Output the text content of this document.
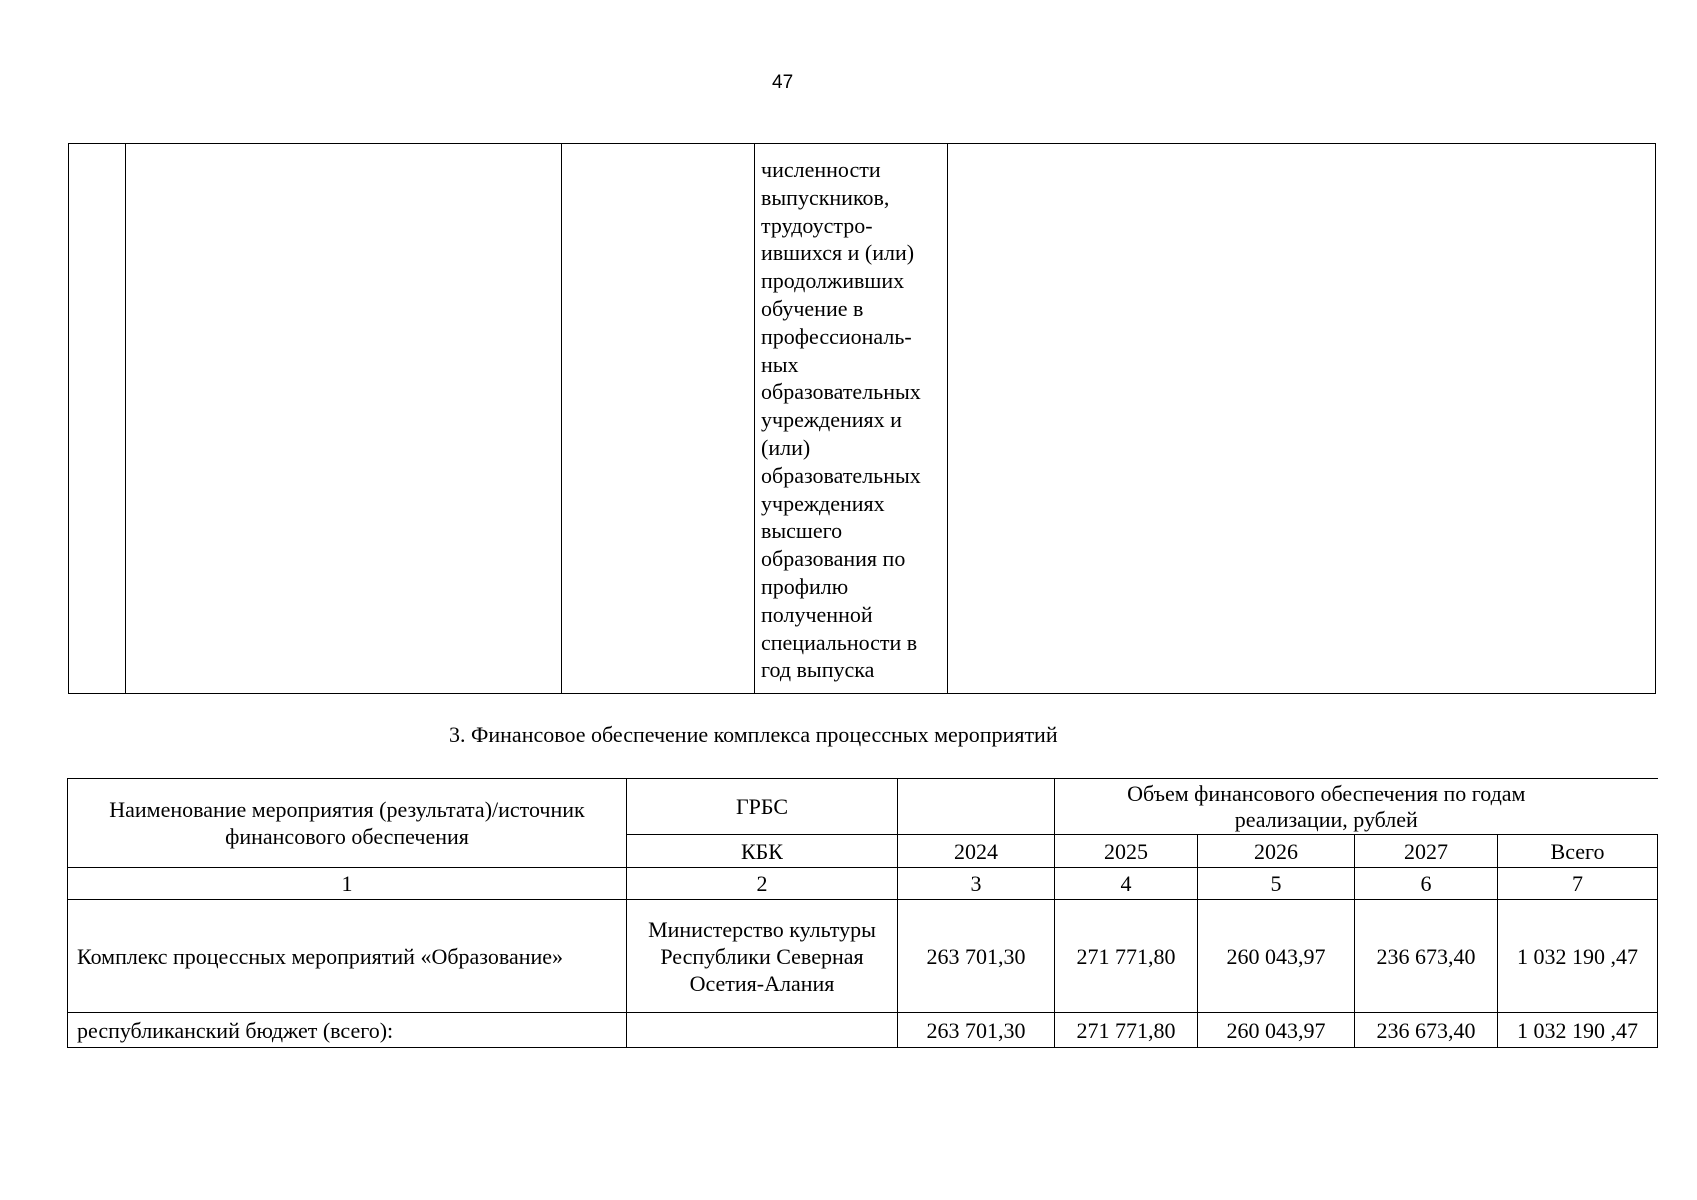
47

численности
выпускников,
трудоустро-
ившихся и (или)
продолживших
обучение в
профессиональ-
ных
образовательных
учреждениях и
(или)
образовательных
учреждениях
высшего
образования по
профилю
полученной
специальности в
год выпуска

3. Финансовое обеспечение комплекса процессных мероприятий
Наименование мероприятия (результата)/источник финансового обеспечения	ГРБС		Объем финансового обеспечения по годам реализации, рублей			
	КБК	2024	2025	2026	2027	Всего
1	2	3	4	5	6	7
Комплекс процессных мероприятий «Образование»	Министерство культуры Республики Северная Осетия-Алания	263 701,30	271 771,80	260 043,97	236 673,40	1 032 190 ,47
республиканский бюджет (всего):		263 701,30	271 771,80	260 043,97	236 673,40	1 032 190 ,47
